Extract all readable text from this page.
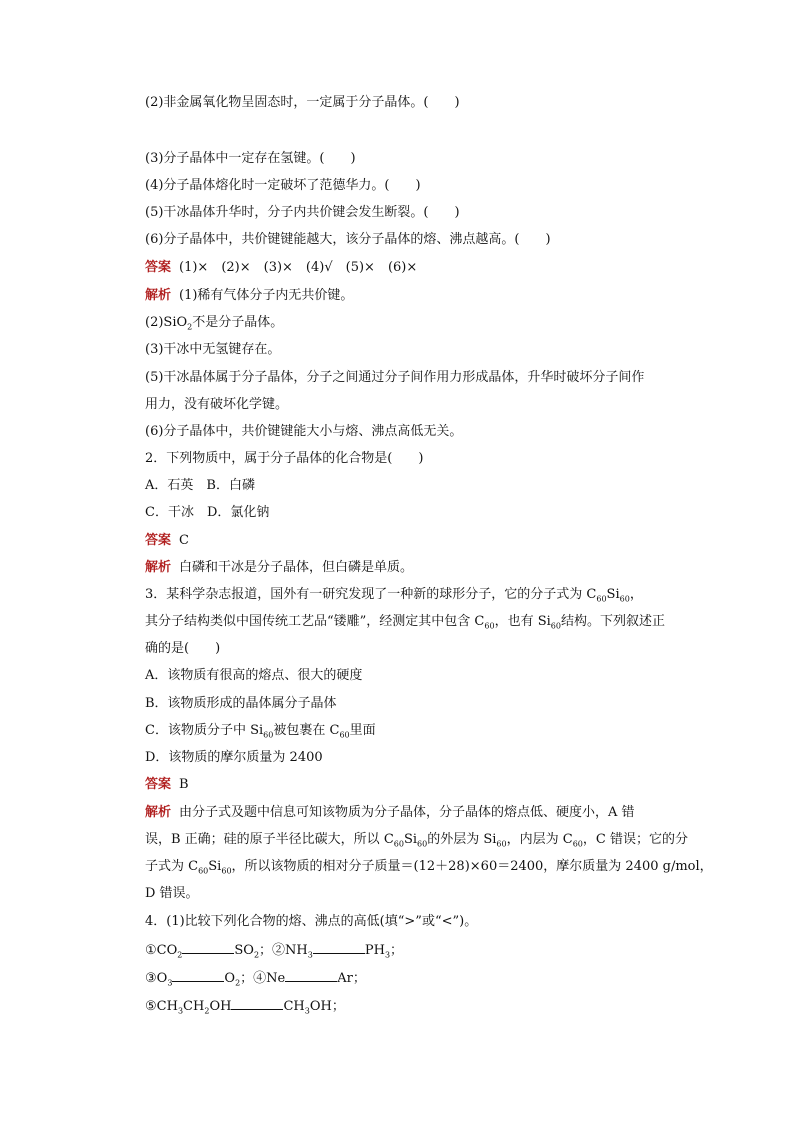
(2)非金属氧化物呈固态时，一定属于分子晶体。(　　)
(3)分子晶体中一定存在氢键。(　　)
(4)分子晶体熔化时一定破坏了范德华力。(　　)
(5)干冰晶体升华时，分子内共价键会发生断裂。(　　)
(6)分子晶体中，共价键键能越大，该分子晶体的熔、沸点越高。(　　)
答案 (1)×　(2)×　(3)×　(4)√　(5)×　(6)×
解析 (1)稀有气体分子内无共价键。
(2)SiO$_2$不是分子晶体。
(3)干冰中无氢键存在。
(5)干冰晶体属于分子晶体，分子之间通过分子间作用力形成晶体，升华时破坏分子间作
用力，没有破坏化学键。
(6)分子晶体中，共价键键能大小与熔、沸点高低无关。
2．下列物质中，属于分子晶体的化合物是(　　)
A．石英　B．白磷
C．干冰　D．氯化钠
答案 C
解析 白磷和干冰是分子晶体，但白磷是单质。
3．某科学杂志报道，国外有一研究发现了一种新的球形分子，它的分子式为 $C_{60}Si_{60}$，
其分子结构类似中国传统工艺品“镂雕”，经测定其中包含 $C_{60}$，也有 $Si_{60}$结构。下列叙述正
确的是(　　)
A．该物质有很高的熔点、很大的硬度
B．该物质形成的晶体属分子晶体
C．该物质分子中 $Si_{60}$被包裹在 $C_{60}$里面
D．该物质的摩尔质量为 2400
答案 B
解析 由分子式及题中信息可知该物质为分子晶体，分子晶体的熔点低、硬度小，A 错
误，B 正确；硅的原子半径比碳大，所以 $C_{60}Si_{60}$的外层为 $Si_{60}$，内层为 $C_{60}$，C 错误；它的分
子式为 $C_{60}Si_{60}$，所以该物质的相对分子质量＝(12＋28)×60＝2400，摩尔质量为 2400 g/mol，
D 错误。
4．(1)比较下列化合物的熔、沸点的高低(填“>”或“<”)。
$①CO_2$	$SO_2$；$②NH_3$	$PH_3$；
$③O_3$	$O_2$；④Ne	Ar；
$⑤CH_3CH_2OH$	$CH_3OH$；
